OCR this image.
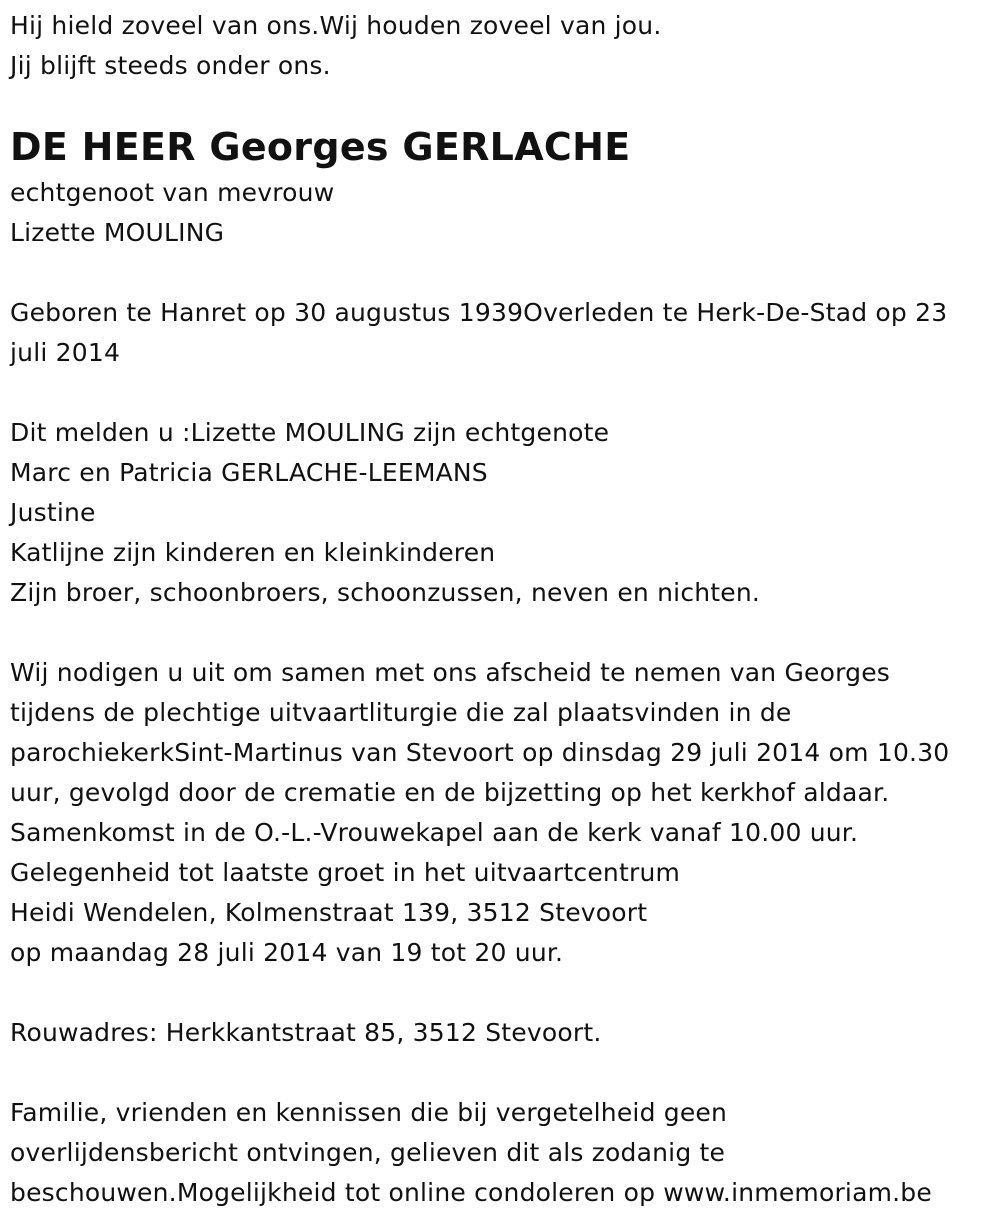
Hij hield zoveel van ons.Wij houden zoveel van jou.
Jij blijft steeds onder ons.
DE HEER Georges GERLACHE
echtgenoot van mevrouw
Lizette MOULING
Geboren te Hanret op 30 augustus 1939Overleden te Herk-De-Stad op 23
juli 2014
Dit melden u :Lizette MOULING zijn echtgenote
Marc en Patricia GERLACHE-LEEMANS
Justine
Katlijne zijn kinderen en kleinkinderen
Zijn broer, schoonbroers, schoonzussen, neven en nichten.
Wij nodigen u uit om samen met ons afscheid te nemen van Georges
tijdens de plechtige uitvaartliturgie die zal plaatsvinden in de
parochiekerkSint-Martinus van Stevoort op dinsdag 29 juli 2014 om 10.30
uur, gevolgd door de crematie en de bijzetting op het kerkhof aldaar.
Samenkomst in de O.-L.-Vrouwekapel aan de kerk vanaf 10.00 uur.
Gelegenheid tot laatste groet in het uitvaartcentrum
Heidi Wendelen, Kolmenstraat 139, 3512 Stevoort
op maandag 28 juli 2014 van 19 tot 20 uur.
Rouwadres: Herkkantstraat 85, 3512 Stevoort.
Familie, vrienden en kennissen die bij vergetelheid geen
overlijdensbericht ontvingen, gelieven dit als zodanig te
beschouwen.Mogelijkheid tot online condoleren op www.inmemoriam.be
